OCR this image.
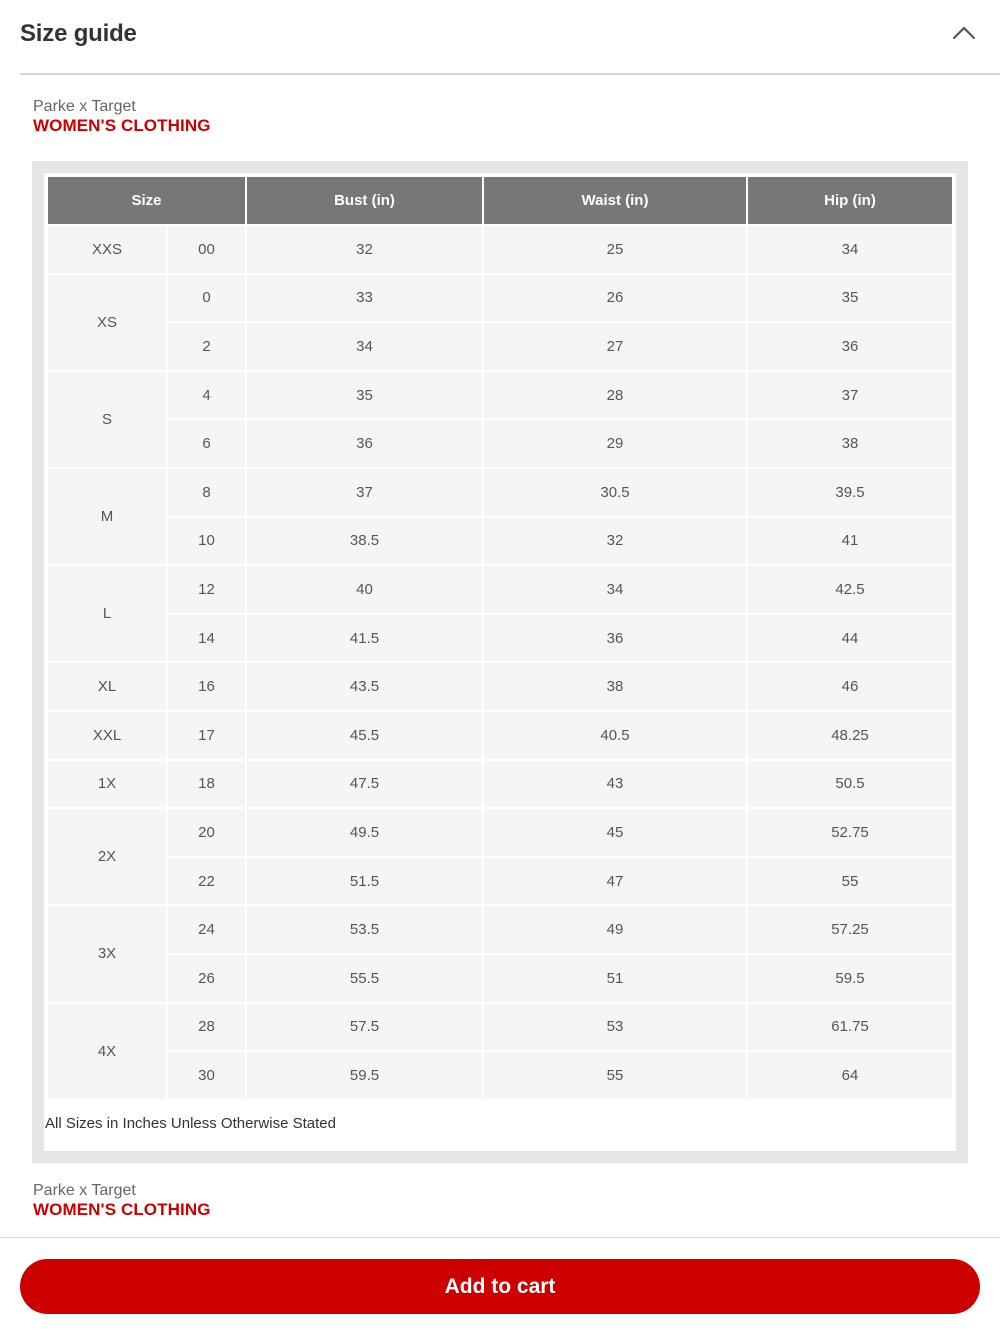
Size guide
Parke x Target
WOMEN'S CLOTHING
Size		Bust (in)	Waist (in)	Hip (in)
XXS	00	32	25	34
XS	0	33	26	35
	2	34	27	36
S	4	35	28	37
	6	36	29	38
M	8	37	30.5	39.5
	10	38.5	32	41
L	12	40	34	42.5
	14	41.5	36	44
XL	16	43.5	38	46
XXL	17	45.5	40.5	48.25
1X	18	47.5	43	50.5
2X	20	49.5	45	52.75
	22	51.5	47	55
3X	24	53.5	49	57.25
	26	55.5	51	59.5
4X	28	57.5	53	61.75
	30	59.5	55	64
All Sizes in Inches Unless Otherwise Stated
Parke x Target
WOMEN'S CLOTHING
Add to cart
